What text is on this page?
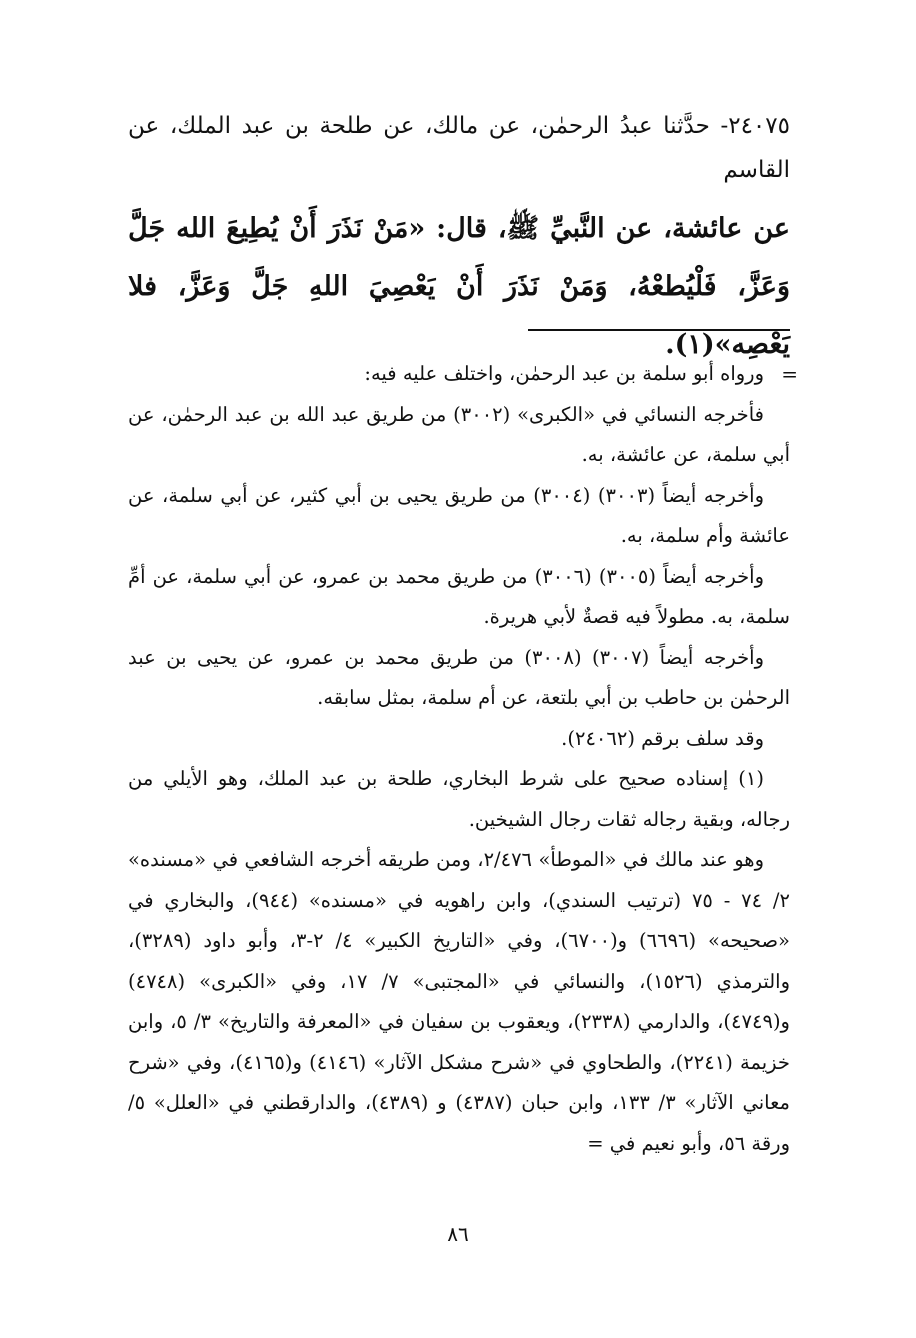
٢٤٠٧٥- حدَّثنا عبدُ الرحمٰن، عن مالك، عن طلحة بن عبد الملك، عن القاسم

عن عائشة، عن النَّبيِّ ﷺ، قال: «مَنْ نَذَرَ أَنْ يُطِيعَ الله جَلَّ وَعَزَّ، فَلْيُطعْهُ، وَمَنْ نَذَرَ أَنْ يَعْصِيَ اللهِ جَلَّ وَعَزَّ، فلا يَعْصِه»(١).

=
ورواه أبو سلمة بن عبد الرحمٰن، واختلف عليه فيه:

فأخرجه النسائي في «الكبرى» (٣٠٠٢) من طريق عبد الله بن عبد الرحمٰن، عن أبي سلمة، عن عائشة، به.

وأخرجه أيضاً (٣٠٠٣) (٣٠٠٤) من طريق يحيى بن أبي كثير، عن أبي سلمة، عن عائشة وأم سلمة، به.

وأخرجه أيضاً (٣٠٠٥) (٣٠٠٦) من طريق محمد بن عمرو، عن أبي سلمة، عن أمِّ سلمة، به. مطولاً فيه قصةٌ لأبي هريرة.

وأخرجه أيضاً (٣٠٠٧) (٣٠٠٨) من طريق محمد بن عمرو، عن يحيى بن عبد الرحمٰن بن حاطب بن أبي بلتعة، عن أم سلمة، بمثل سابقه.

وقد سلف برقم (٢٤٠٦٢).

(١) إسناده صحيح على شرط البخاري، طلحة بن عبد الملك، وهو الأيلي من رجاله، وبقية رجاله ثقات رجال الشيخين.

وهو عند مالك في «الموطأ» ٢/٤٧٦، ومن طريقه أخرجه الشافعي في «مسنده» ٢/ ٧٤ - ٧٥ (ترتيب السندي)، وابن راهويه في «مسنده» (٩٤٤)، والبخاري في «صحيحه» (٦٦٩٦) و(٦٧٠٠)، وفي «التاريخ الكبير» ٤/ ٢-٣، وأبو داود (٣٢٨٩)، والترمذي (١٥٢٦)، والنسائي في «المجتبى» ٧/ ١٧، وفي «الكبرى» (٤٧٤٨) و(٤٧٤٩)، والدارمي (٢٣٣٨)، ويعقوب بن سفيان في «المعرفة والتاريخ» ٣/ ٥، وابن خزيمة (٢٢٤١)، والطحاوي في «شرح مشكل الآثار» (٤١٤٦) و(٤١٦٥)، وفي «شرح معاني الآثار» ٣/ ١٣٣، وابن حبان (٤٣٨٧) و (٤٣٨٩)، والدارقطني في «العلل» ٥/ ورقة ٥٦، وأبو نعيم في =

٨٦
